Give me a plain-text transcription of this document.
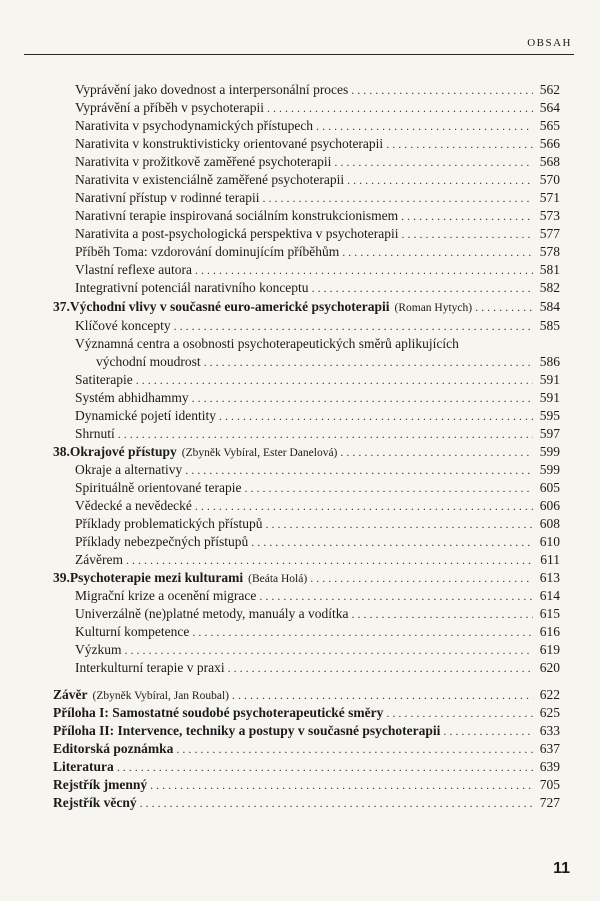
OBSAH
Vyprávění jako dovednost a interpersonální proces . . .	562
Vyprávění a příběh v psychoterapii . . .	564
Narativita v psychodynamických přístupech . . .	565
Narativita v konstruktivisticky orientované psychoterapii . . .	566
Narativita v prožitkově zaměřené psychoterapii . . .	568
Narativita v existenciálně zaměřené psychoterapii . . .	570
Narativní přístup v rodinné terapii . . .	571
Narativní terapie inspirovaná sociálním konstrukcionismem . . .	573
Narativita a post-psychologická perspektiva v psychoterapii . . .	577
Příběh Toma: vzdorování dominujícím příběhům . . .	578
Vlastní reflexe autora . . .	581
Integrativní potenciál narativního konceptu . . .	582
37. Východní vlivy v současné euro-americké psychoterapii (Roman Hytych) . . .	584
Klíčové koncepty . . .	585
Významná centra a osobnosti psychoterapeutických směrů aplikujících
východní moudrost . . .	586
Satiterapie . . .	591
Systém abhidhammy . . .	591
Dynamické pojetí identity . . .	595
Shrnutí . . .	597
38. Okrajové přístupy (Zbyněk Vybíral, Ester Danelová) . . .	599
Okraje a alternativy . . .	599
Spirituálně orientované terapie . . .	605
Vědecké a nevědecké . . .	606
Příklady problematických přístupů . . .	608
Příklady nebezpečných přístupů . . .	610
Závěrem . . .	611
39. Psychoterapie mezi kulturami (Beáta Holá) . . .	613
Migrační krize a ocenění migrace . . .	614
Univerzálně (ne)platné metody, manuály a vodítka . . .	615
Kulturní kompetence . . .	616
Výzkum . . .	619
Interkulturní terapie v praxi . . .	620
Závěr (Zbyněk Vybíral, Jan Roubal) . . .	622
Příloha I: Samostatné soudobé psychoterapeutické směry . . .	625
Příloha II: Intervence, techniky a postupy v současné psychoterapii . . .	633
Editorská poznámka . . .	637
Literatura . . .	639
Rejstřík jmenný . . .	705
Rejstřík věcný . . .	727
11
